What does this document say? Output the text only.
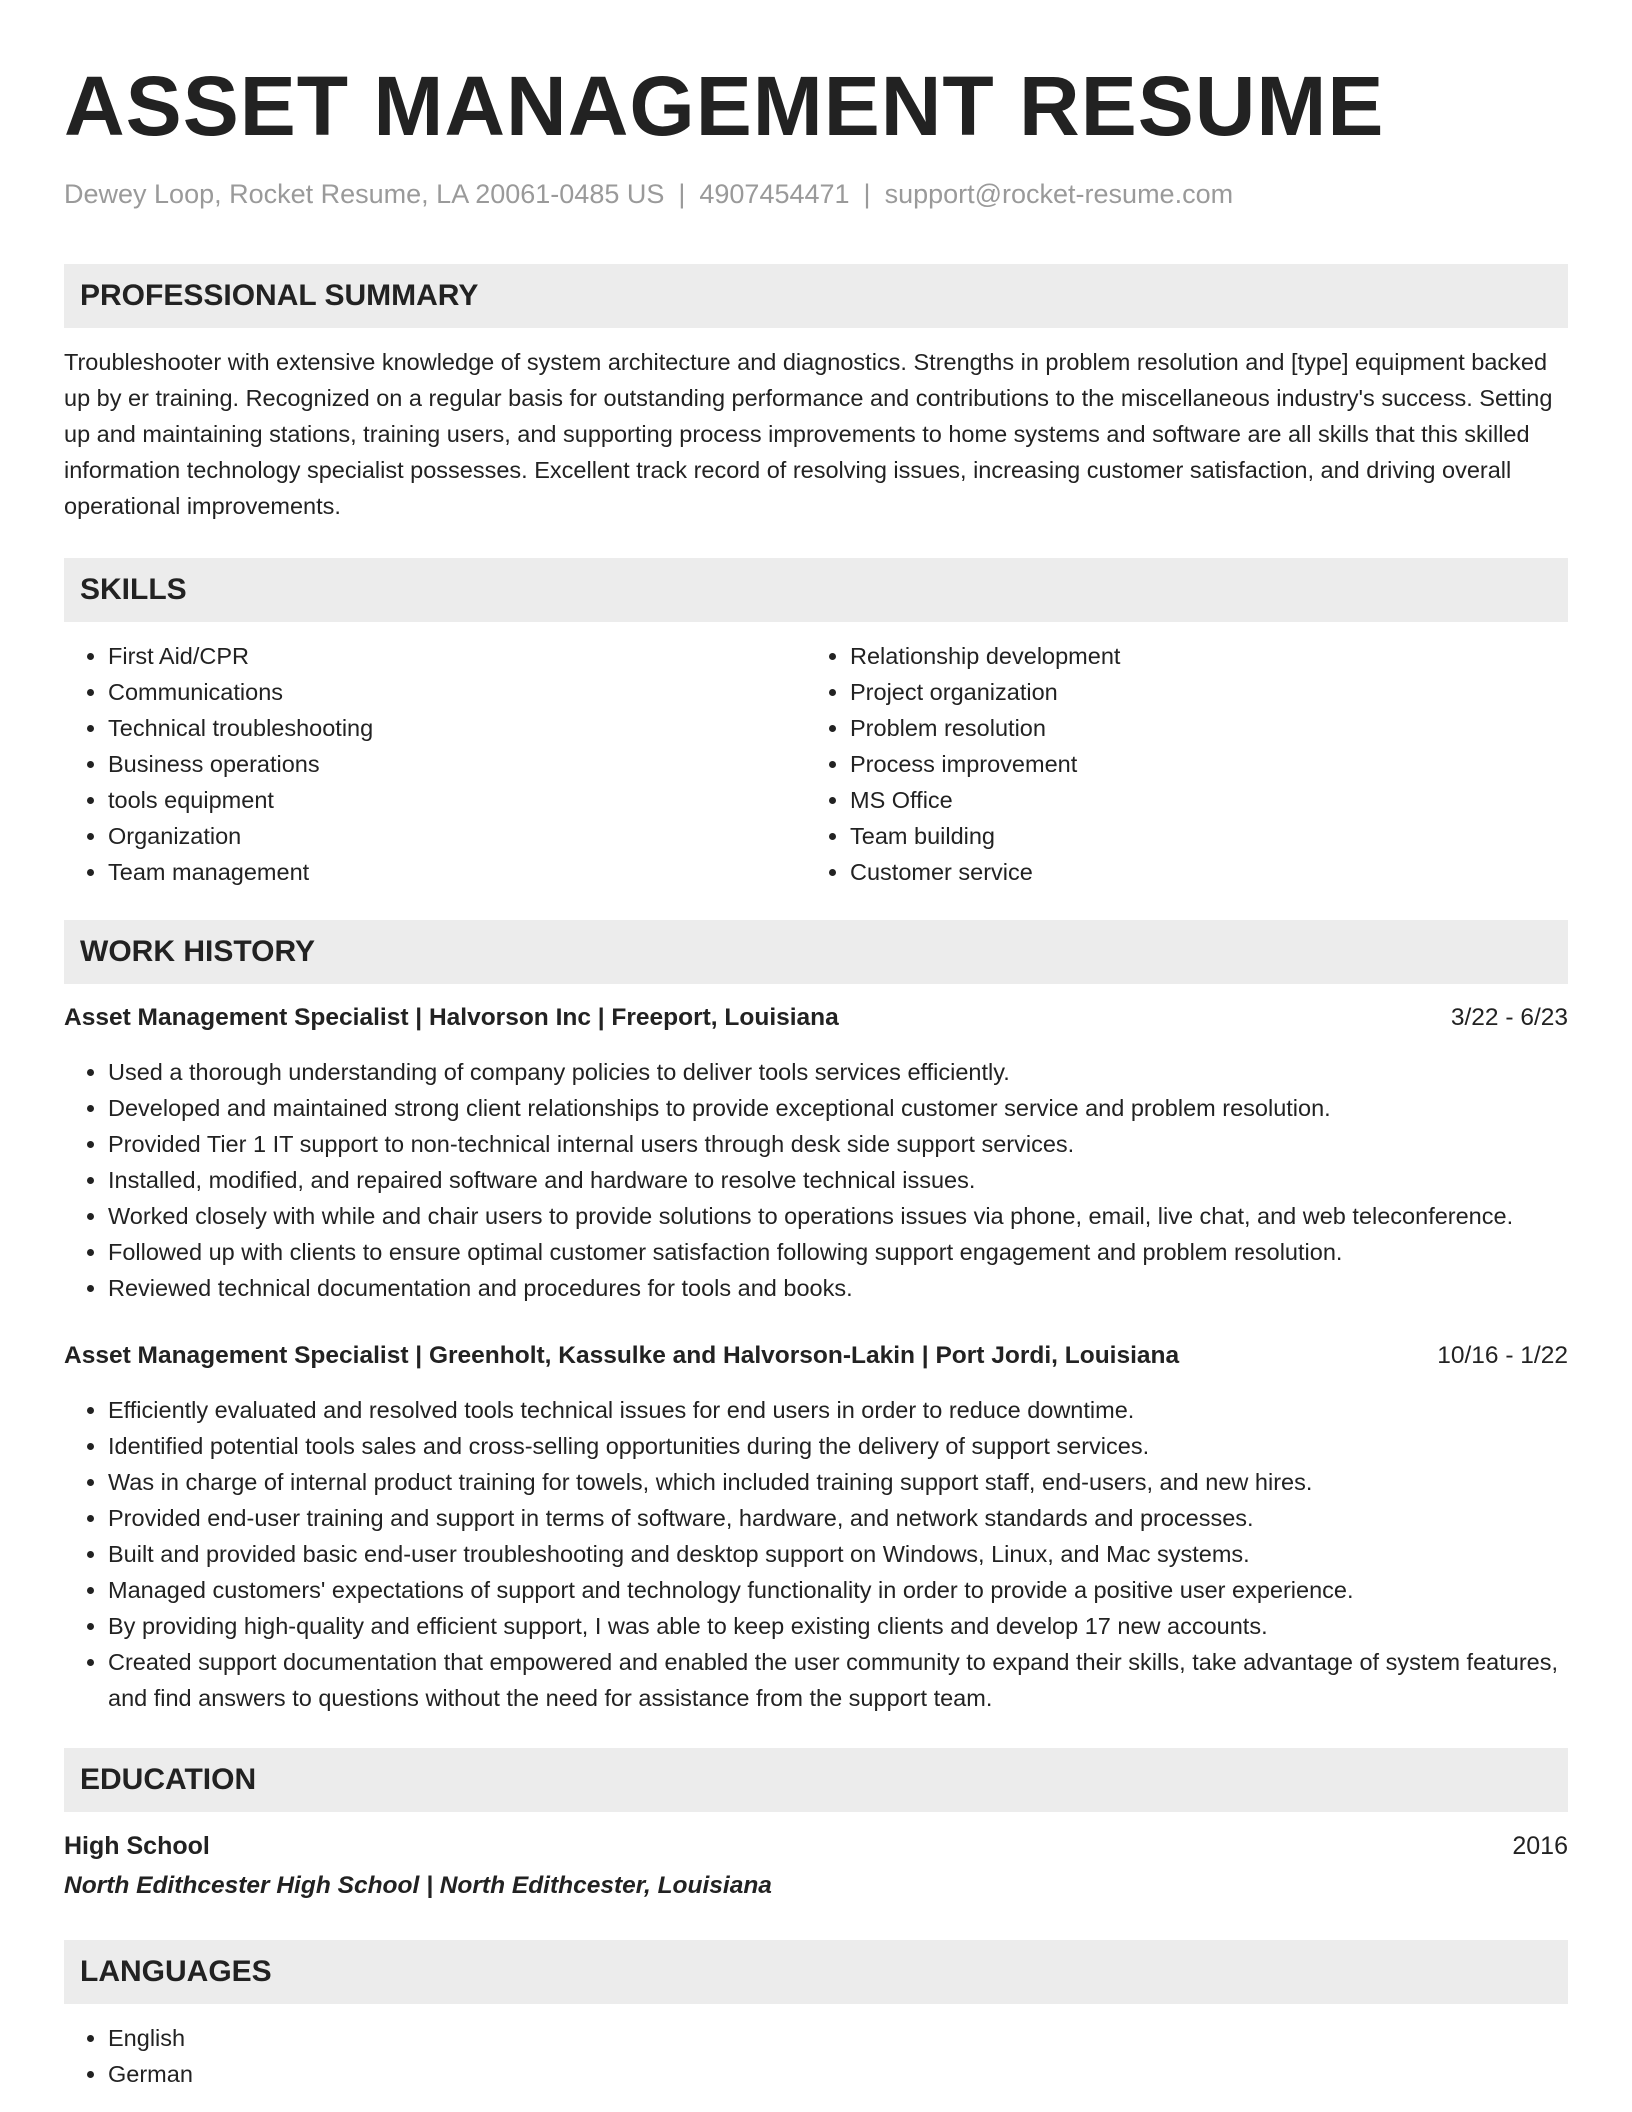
ASSET MANAGEMENT RESUME
Dewey Loop, Rocket Resume, LA 20061-0485 US | 4907454471 | support@rocket-resume.com
PROFESSIONAL SUMMARY
Troubleshooter with extensive knowledge of system architecture and diagnostics. Strengths in problem resolution and [type] equipment backed up by er training. Recognized on a regular basis for outstanding performance and contributions to the miscellaneous industry's success. Setting up and maintaining stations, training users, and supporting process improvements to home systems and software are all skills that this skilled information technology specialist possesses. Excellent track record of resolving issues, increasing customer satisfaction, and driving overall operational improvements.
SKILLS
• First Aid/CPR
• Communications
• Technical troubleshooting
• Business operations
• tools equipment
• Organization
• Team management
• Relationship development
• Project organization
• Problem resolution
• Process improvement
• MS Office
• Team building
• Customer service
WORK HISTORY
Asset Management Specialist | Halvorson Inc | Freeport, Louisiana	3/22 - 6/23
• Used a thorough understanding of company policies to deliver tools services efficiently.
• Developed and maintained strong client relationships to provide exceptional customer service and problem resolution.
• Provided Tier 1 IT support to non-technical internal users through desk side support services.
• Installed, modified, and repaired software and hardware to resolve technical issues.
• Worked closely with while and chair users to provide solutions to operations issues via phone, email, live chat, and web teleconference.
• Followed up with clients to ensure optimal customer satisfaction following support engagement and problem resolution.
• Reviewed technical documentation and procedures for tools and books.
Asset Management Specialist | Greenholt, Kassulke and Halvorson-Lakin | Port Jordi, Louisiana	10/16 - 1/22
• Efficiently evaluated and resolved tools technical issues for end users in order to reduce downtime.
• Identified potential tools sales and cross-selling opportunities during the delivery of support services.
• Was in charge of internal product training for towels, which included training support staff, end-users, and new hires.
• Provided end-user training and support in terms of software, hardware, and network standards and processes.
• Built and provided basic end-user troubleshooting and desktop support on Windows, Linux, and Mac systems.
• Managed customers' expectations of support and technology functionality in order to provide a positive user experience.
• By providing high-quality and efficient support, I was able to keep existing clients and develop 17 new accounts.
• Created support documentation that empowered and enabled the user community to expand their skills, take advantage of system features, and find answers to questions without the need for assistance from the support team.
EDUCATION
High School	2016
North Edithcester High School | North Edithcester, Louisiana
LANGUAGES
• English
• German
